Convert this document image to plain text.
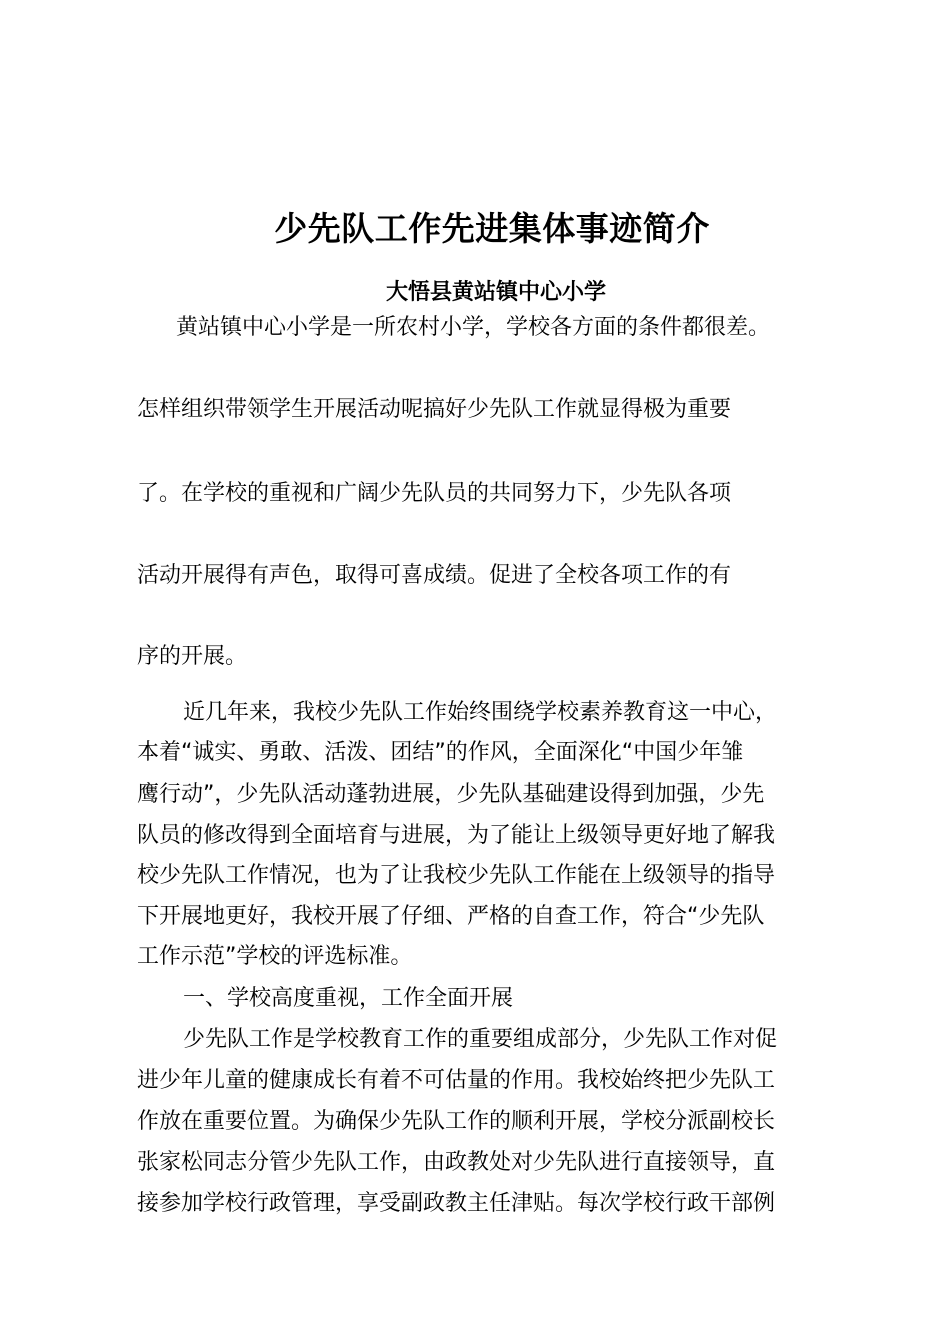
少先队工作先进集体事迹简介
大悟县黄站镇中心小学
黄站镇中心小学是一所农村小学，学校各方面的条件都很差。
怎样组织带领学生开展活动呢搞好少先队工作就显得极为重要
了。在学校的重视和广阔少先队员的共同努力下，少先队各项
活动开展得有声色，取得可喜成绩。促进了全校各项工作的有
序的开展。
近几年来，我校少先队工作始终围绕学校素养教育这一中心，
本着“诚实、勇敢、活泼、团结”的作风，全面深化“中国少年雏
鹰行动”，少先队活动蓬勃进展，少先队基础建设得到加强，少先
队员的修改得到全面培育与进展，为了能让上级领导更好地了解我
校少先队工作情况，也为了让我校少先队工作能在上级领导的指导
下开展地更好，我校开展了仔细、严格的自查工作，符合“少先队
工作示范”学校的评选标准。
一、学校高度重视，工作全面开展
少先队工作是学校教育工作的重要组成部分，少先队工作对促
进少年儿童的健康成长有着不可估量的作用。我校始终把少先队工
作放在重要位置。为确保少先队工作的顺利开展，学校分派副校长
张家松同志分管少先队工作，由政教处对少先队进行直接领导，直
接参加学校行政管理，享受副政教主任津贴。每次学校行政干部例
